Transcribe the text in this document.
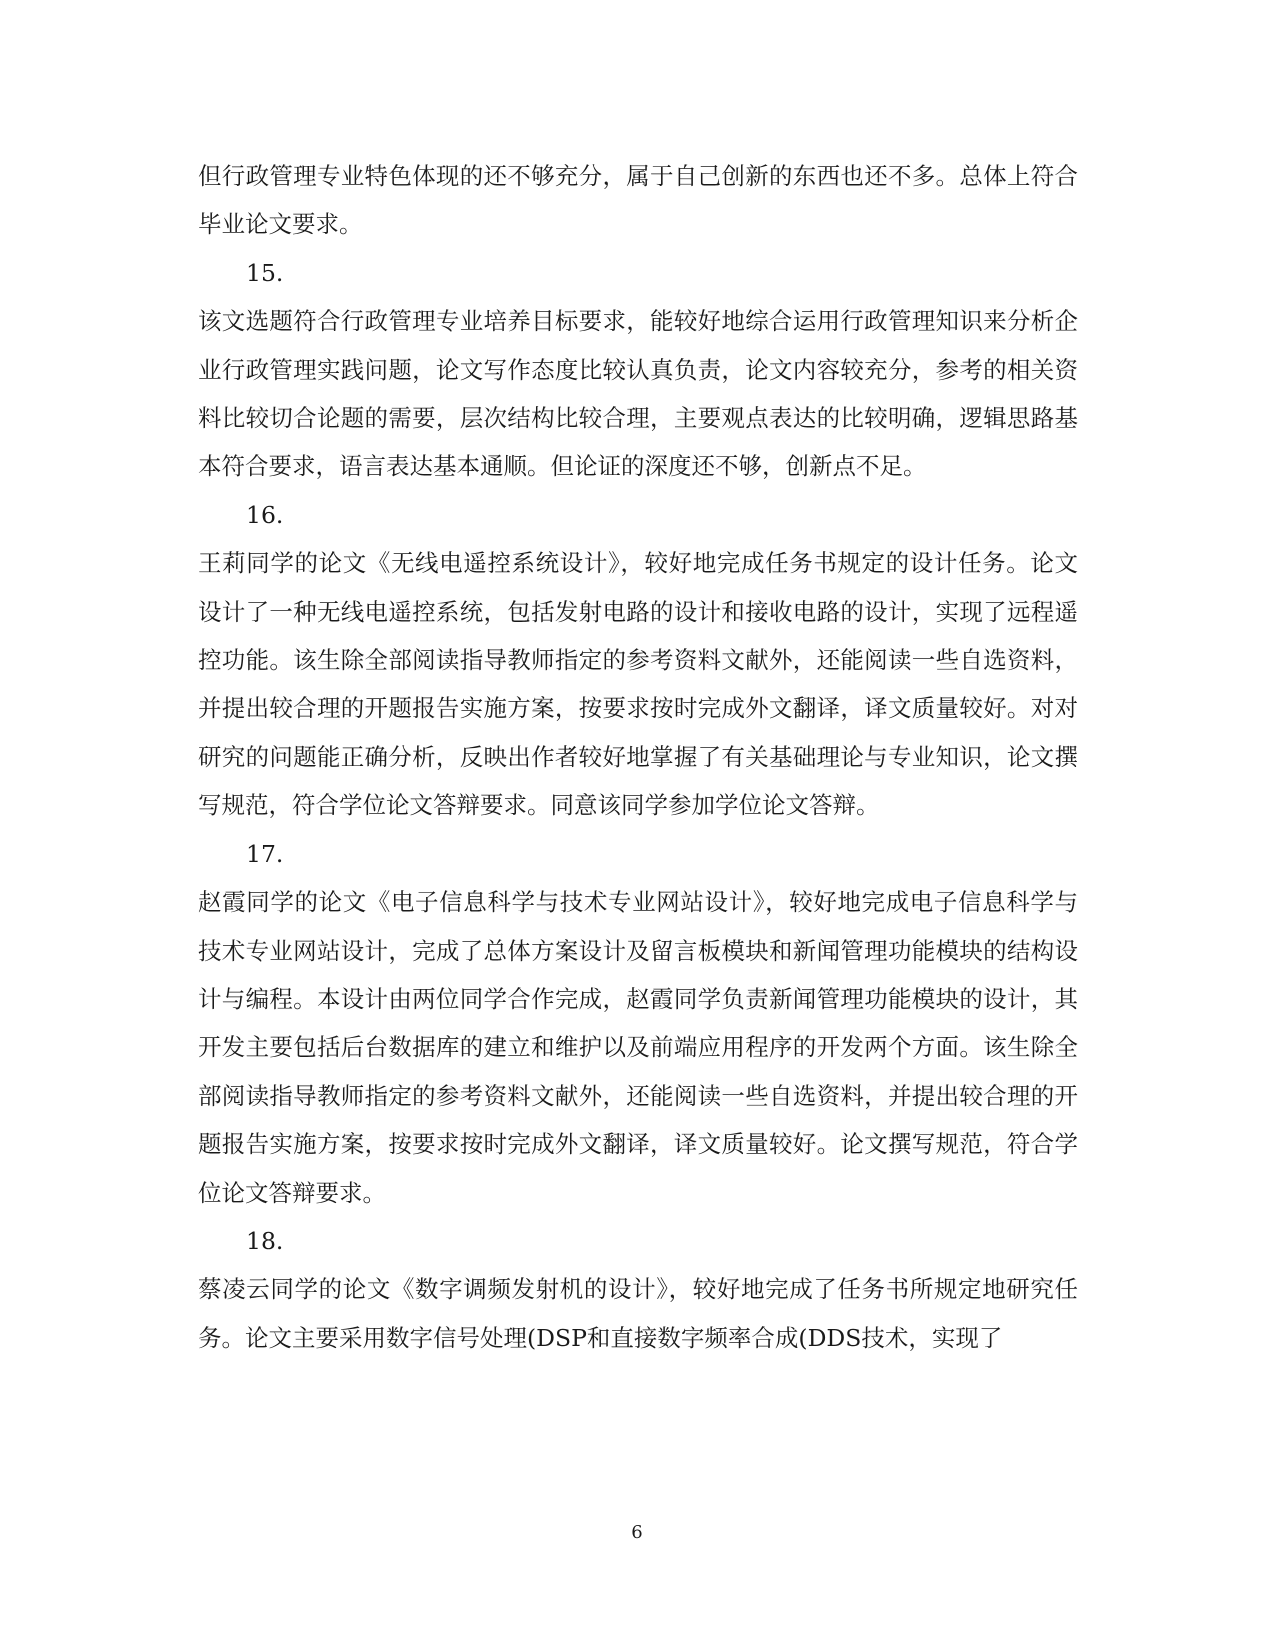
但行政管理专业特色体现的还不够充分，属于自己创新的东西也还不多。总体上符合毕业论文要求。

15.

该文选题符合行政管理专业培养目标要求，能较好地综合运用行政管理知识来分析企业行政管理实践问题，论文写作态度比较认真负责，论文内容较充分，参考的相关资料比较切合论题的需要，层次结构比较合理，主要观点表达的比较明确，逻辑思路基本符合要求，语言表达基本通顺。但论证的深度还不够，创新点不足。

16.

王莉同学的论文《无线电遥控系统设计》，较好地完成任务书规定的设计任务。论文设计了一种无线电遥控系统，包括发射电路的设计和接收电路的设计，实现了远程遥控功能。该生除全部阅读指导教师指定的参考资料文献外，还能阅读一些自选资料，并提出较合理的开题报告实施方案，按要求按时完成外文翻译，译文质量较好。对对研究的问题能正确分析，反映出作者较好地掌握了有关基础理论与专业知识，论文撰写规范，符合学位论文答辩要求。同意该同学参加学位论文答辩。

17.

赵霞同学的论文《电子信息科学与技术专业网站设计》，较好地完成电子信息科学与技术专业网站设计，完成了总体方案设计及留言板模块和新闻管理功能模块的结构设计与编程。本设计由两位同学合作完成，赵霞同学负责新闻管理功能模块的设计，其开发主要包括后台数据库的建立和维护以及前端应用程序的开发两个方面。该生除全部阅读指导教师指定的参考资料文献外，还能阅读一些自选资料，并提出较合理的开题报告实施方案，按要求按时完成外文翻译，译文质量较好。论文撰写规范，符合学位论文答辩要求。

18.

蔡凌云同学的论文《数字调频发射机的设计》，较好地完成了任务书所规定地研究任务。论文主要采用数字信号处理(DSP和直接数字频率合成(DDS技术，实现了

6
